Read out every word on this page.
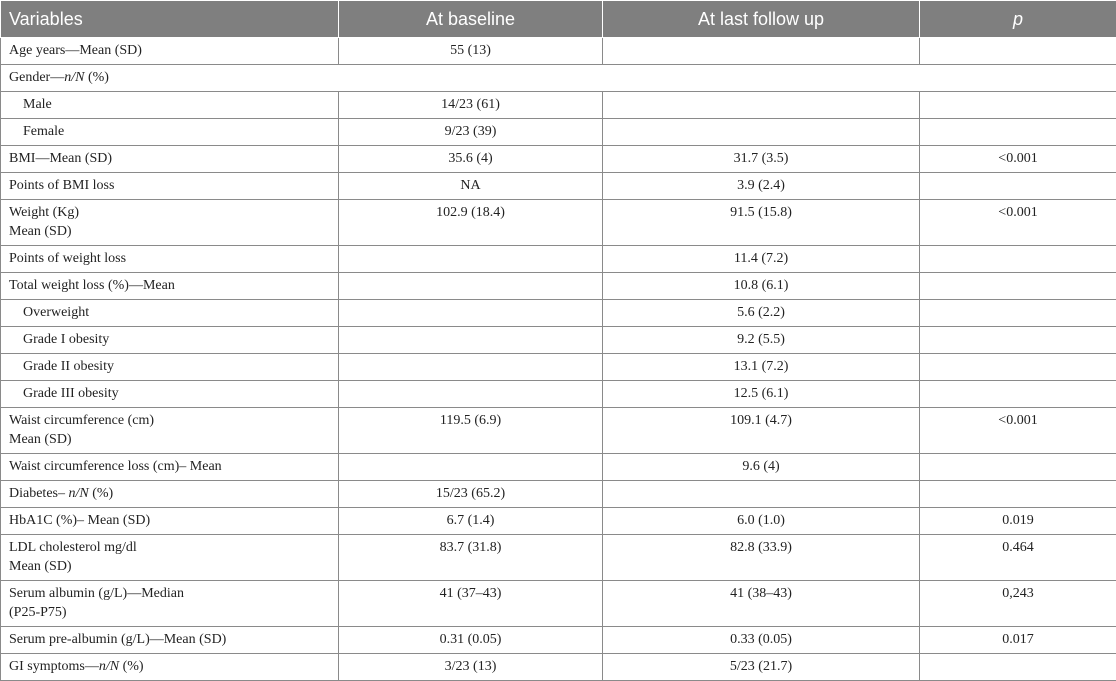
Variables	At baseline	At last follow up	p
Age years—Mean (SD)	55 (13)		
Gender—n/N (%)			
Male	14/23 (61)		
Female	9/23 (39)		
BMI—Mean (SD)	35.6 (4)	31.7 (3.5)	<0.001
Points of BMI loss	NA	3.9 (2.4)	

Weight (Kg)
Mean (SD)	102.9 (18.4)	91.5 (15.8)	<0.001
Points of weight loss		11.4 (7.2)	
Total weight loss (%)—Mean		10.8 (6.1)	
Overweight		5.6 (2.2)	
Grade I obesity		9.2 (5.5)	
Grade II obesity		13.1 (7.2)	
Grade III obesity		12.5 (6.1)	

Waist circumference (cm)
Mean (SD)	119.5 (6.9)	109.1 (4.7)	<0.001
Waist circumference loss (cm)– Mean		9.6 (4)	
Diabetes– n/N (%)	15/23 (65.2)		
HbA1C (%)– Mean (SD)	6.7 (1.4)	6.0 (1.0)	0.019

LDL cholesterol mg/dl
Mean (SD)	83.7 (31.8)	82.8 (33.9)	0.464

Serum albumin (g/L)—Median
(P25-P75)	41 (37–43)	41 (38–43)	0,243
Serum pre-albumin (g/L)—Mean (SD)	0.31 (0.05)	0.33 (0.05)	0.017
GI symptoms—n/N (%)	3/23 (13)	5/23 (21.7)	
